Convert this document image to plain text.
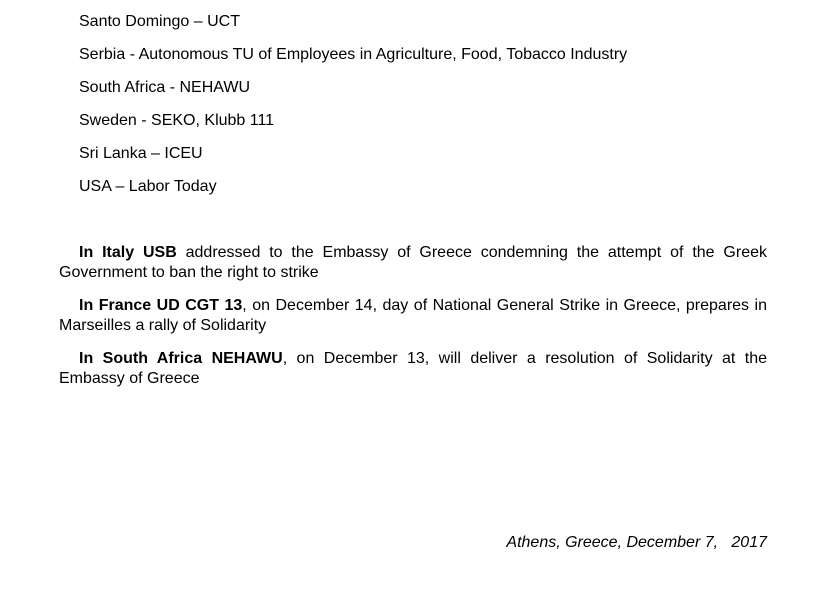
Santo Domingo – UCT
Serbia - Autonomous TU of Employees in Agriculture, Food, Tobacco Industry
South Africa - NEHAWU
Sweden - SEKO, Klubb 111
Sri Lanka – ICEU
USA – Labor Today

In Italy USB addressed to the Embassy of Greece condemning the attempt of the Greek Government to ban the right to strike

In France UD CGT 13, on December 14, day of National General Strike in Greece, prepares in Marseilles a rally of Solidarity

In South Africa NEHAWU, on December 13, will deliver a resolution of Solidarity at the Embassy of Greece

Athens, Greece, December 7,   2017
